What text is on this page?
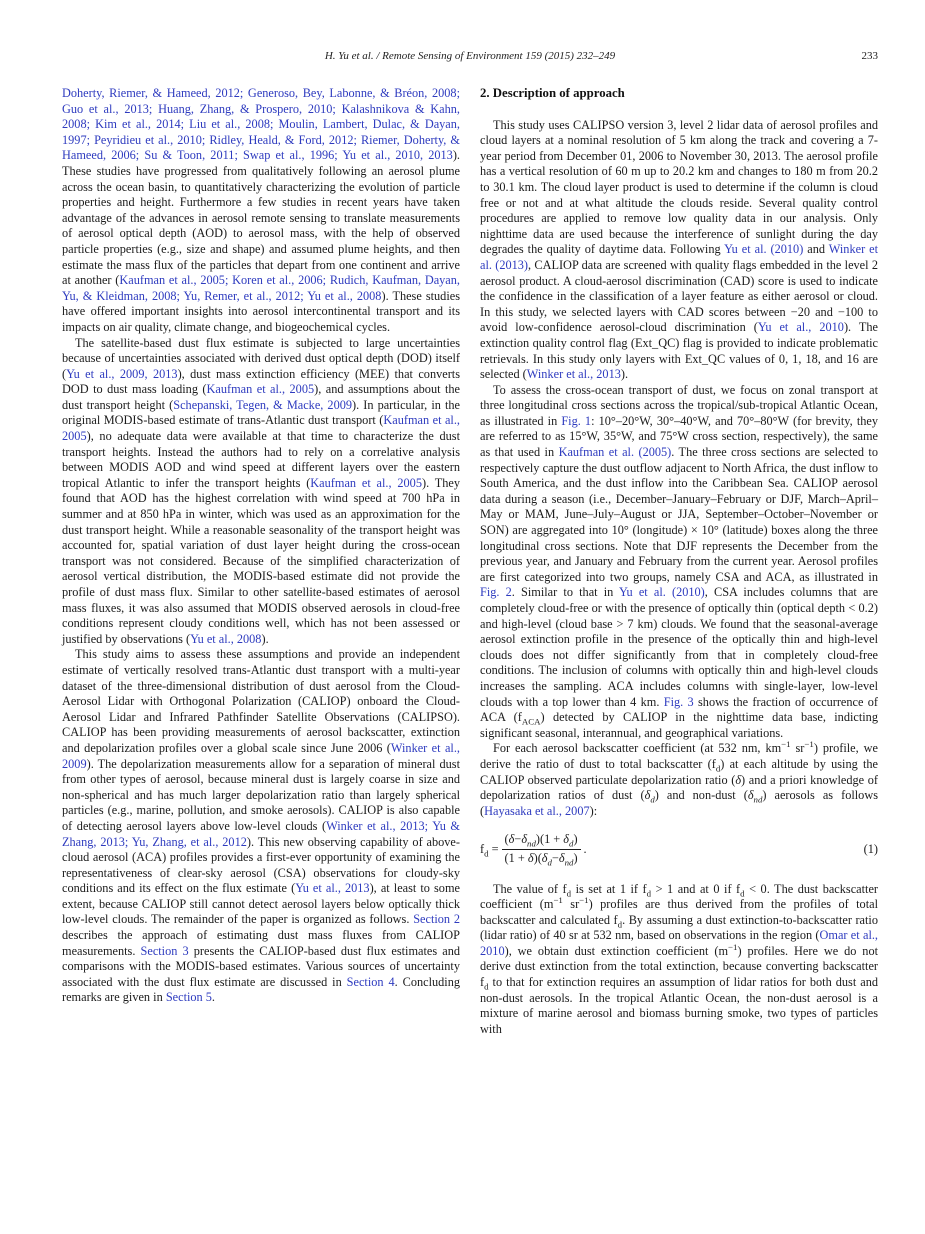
H. Yu et al. / Remote Sensing of Environment 159 (2015) 232–249	233

Doherty, Riemer, & Hameed, 2012; Generoso, Bey, Labonne, & Bréon, 2008; Guo et al., 2013; Huang, Zhang, & Prospero, 2010; Kalashnikova & Kahn, 2008; Kim et al., 2014; Liu et al., 2008; Moulin, Lambert, Dulac, & Dayan, 1997; Peyridieu et al., 2010; Ridley, Heald, & Ford, 2012; Riemer, Doherty, & Hameed, 2006; Su & Toon, 2011; Swap et al., 1996; Yu et al., 2010, 2013). These studies have progressed from qualitatively following an aerosol plume across the ocean basin, to quantitatively characterizing the evolution of particle properties and height. Furthermore a few studies in recent years have taken advantage of the advances in aerosol remote sensing to translate measurements of aerosol optical depth (AOD) to aerosol mass, with the help of observed particle properties (e.g., size and shape) and assumed plume heights, and then estimate the mass flux of the particles that depart from one continent and arrive at another (Kaufman et al., 2005; Koren et al., 2006; Rudich, Kaufman, Dayan, Yu, & Kleidman, 2008; Yu, Remer, et al., 2012; Yu et al., 2008). These studies have offered important insights into aerosol intercontinental transport and its impacts on air quality, climate change, and biogeochemical cycles.

The satellite-based dust flux estimate is subjected to large uncertainties because of uncertainties associated with derived dust optical depth (DOD) itself (Yu et al., 2009, 2013), dust mass extinction efficiency (MEE) that converts DOD to dust mass loading (Kaufman et al., 2005), and assumptions about the dust transport height (Schepanski, Tegen, & Macke, 2009). In particular, in the original MODIS-based estimate of trans-Atlantic dust transport (Kaufman et al., 2005), no adequate data were available at that time to characterize the dust transport heights. Instead the authors had to rely on a correlative analysis between MODIS AOD and wind speed at different layers over the eastern tropical Atlantic to infer the transport heights (Kaufman et al., 2005). They found that AOD has the highest correlation with wind speed at 700 hPa in summer and at 850 hPa in winter, which was used as an approximation for the dust transport height. While a reasonable seasonality of the transport height was accounted for, spatial variation of dust layer height during the cross-ocean transport was not considered. Because of the simplified characterization of aerosol vertical distribution, the MODIS-based estimate did not provide the profile of dust mass flux. Similar to other satellite-based estimates of aerosol mass fluxes, it was also assumed that MODIS observed aerosols in cloud-free conditions represent cloudy conditions well, which has not been assessed or justified by observations (Yu et al., 2008).

This study aims to assess these assumptions and provide an independent estimate of vertically resolved trans-Atlantic dust transport with a multi-year dataset of the three-dimensional distribution of dust aerosol from the Cloud-Aerosol Lidar with Orthogonal Polarization (CALIOP) onboard the Cloud-Aerosol Lidar and Infrared Pathfinder Satellite Observations (CALIPSO). CALIOP has been providing measurements of aerosol backscatter, extinction and depolarization profiles over a global scale since June 2006 (Winker et al., 2009). The depolarization measurements allow for a separation of mineral dust from other types of aerosol, because mineral dust is largely coarse in size and non-spherical and has much larger depolarization ratio than largely spherical particles (e.g., marine, pollution, and smoke aerosols). CALIOP is also capable of detecting aerosol layers above low-level clouds (Winker et al., 2013; Yu & Zhang, 2013; Yu, Zhang, et al., 2012). This new observing capability of above-cloud aerosol (ACA) profiles provides a first-ever opportunity of examining the representativeness of clear-sky aerosol (CSA) observations for cloudy-sky conditions and its effect on the flux estimate (Yu et al., 2013), at least to some extent, because CALIOP still cannot detect aerosol layers below optically thick low-level clouds. The remainder of the paper is organized as follows. Section 2 describes the approach of estimating dust mass fluxes from CALIOP measurements. Section 3 presents the CALIOP-based dust flux estimates and comparisons with the MODIS-based estimates. Various sources of uncertainty associated with the dust flux estimate are discussed in Section 4. Concluding remarks are given in Section 5.

2. Description of approach

This study uses CALIPSO version 3, level 2 lidar data of aerosol profiles and cloud layers at a nominal resolution of 5 km along the track and covering a 7-year period from December 01, 2006 to November 30, 2013. The aerosol profile has a vertical resolution of 60 m up to 20.2 km and changes to 180 m from 20.2 to 30.1 km. The cloud layer product is used to determine if the column is cloud free or not and at what altitude the clouds reside. Several quality control procedures are applied to remove low quality data in our analysis. Only nighttime data are used because the interference of sunlight during the day degrades the quality of daytime data. Following Yu et al. (2010) and Winker et al. (2013), CALIOP data are screened with quality flags embedded in the level 2 aerosol product. A cloud-aerosol discrimination (CAD) score is used to indicate the confidence in the classification of a layer feature as either aerosol or cloud. In this study, we selected layers with CAD scores between −20 and −100 to avoid low-confidence aerosol-cloud discrimination (Yu et al., 2010). The extinction quality control flag (Ext_QC) flag is provided to indicate problematic retrievals. In this study only layers with Ext_QC values of 0, 1, 18, and 16 are selected (Winker et al., 2013).

To assess the cross-ocean transport of dust, we focus on zonal transport at three longitudinal cross sections across the tropical/sub-tropical Atlantic Ocean, as illustrated in Fig. 1: 10°–20°W, 30°–40°W, and 70°–80°W (for brevity, they are referred to as 15°W, 35°W, and 75°W cross section, respectively), the same as that used in Kaufman et al. (2005). The three cross sections are selected to respectively capture the dust outflow adjacent to North Africa, the dust inflow to South America, and the dust inflow into the Caribbean Sea. CALIOP aerosol data during a season (i.e., December–January–February or DJF, March–April–May or MAM, June–July–August or JJA, September–October–November or SON) are aggregated into 10° (longitude) × 10° (latitude) boxes along the three longitudinal cross sections. Note that DJF represents the December from the previous year, and January and February from the current year. Aerosol profiles are first categorized into two groups, namely CSA and ACA, as illustrated in Fig. 2. Similar to that in Yu et al. (2010), CSA includes columns that are completely cloud-free or with the presence of optically thin (optical depth < 0.2) and high-level (cloud base > 7 km) clouds. We found that the seasonal-average aerosol extinction profile in the presence of the optically thin and high-level clouds does not differ significantly from that in completely cloud-free conditions. The inclusion of columns with optically thin and high-level clouds increases the sampling. ACA includes columns with single-layer, low-level clouds with a top lower than 4 km. Fig. 3 shows the fraction of occurrence of ACA $(f_{ACA})$ detected by CALIOP in the nighttime data base, indicting significant seasonal, interannual, and geographical variations.

For each aerosol backscatter coefficient (at 532 nm, $km^{-1}$ $sr^{-1}$) profile, we derive the ratio of dust to total backscatter $(f_d)$ at each altitude by using the CALIOP observed particulate depolarization ratio (δ) and a priori knowledge of depolarization ratios of dust $(\delta_d)$ and non-dust $(\delta_{nd})$ aerosols as follows (Hayasaka et al., 2007):

$f_d = \frac{(\delta-\delta_{nd})(1 + \delta_d)}{(1 + \delta)(\delta_d-\delta_{nd})}$ .	(1)

The value of $f_d$ is set at 1 if $f_d > 1$ and at 0 if $f_d < 0$. The dust backscatter coefficient ($m^{-1}$ $sr^{-1}$) profiles are thus derived from the profiles of total backscatter and calculated $f_d$. By assuming a dust extinction-to-backscatter ratio (lidar ratio) of 40 sr at 532 nm, based on observations in the region (Omar et al., 2010), we obtain dust extinction coefficient $(m^{-1})$ profiles. Here we do not derive dust extinction from the total extinction, because converting backscatter $f_d$ to that for extinction requires an assumption of lidar ratios for both dust and non-dust aerosols. In the tropical Atlantic Ocean, the non-dust aerosol is a mixture of marine aerosol and biomass burning smoke, two types of particles with
